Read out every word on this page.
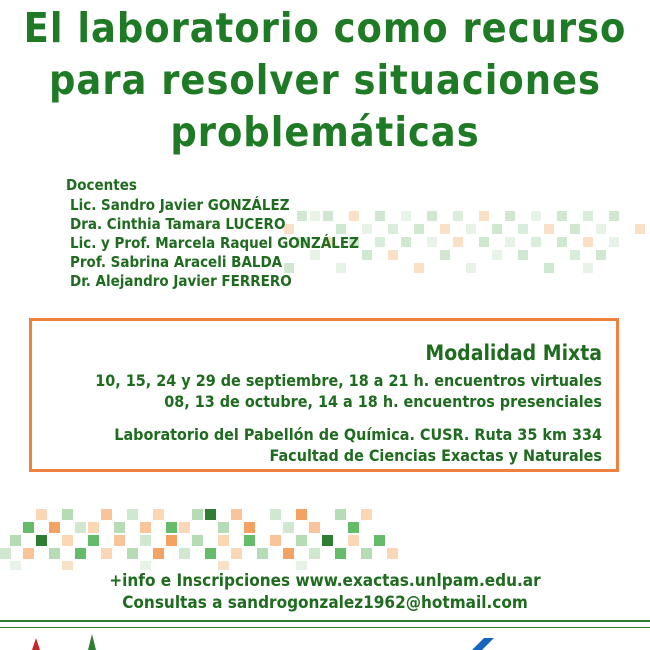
El laboratorio como recurso
para resolver situaciones
problemáticas
Docentes
Lic. Sandro Javier GONZÁLEZ
Dra. Cinthia Tamara LUCERO
Lic. y Prof. Marcela Raquel GONZÁLEZ
Prof. Sabrina Araceli BALDA
Dr. Alejandro Javier FERRERO
Modalidad Mixta
10, 15, 24 y 29 de septiembre, 18 a 21 h. encuentros virtuales
08, 13 de octubre, 14 a 18 h. encuentros presenciales
Laboratorio del Pabellón de Química. CUSR. Ruta 35 km 334
Facultad de Ciencias Exactas y Naturales
+info e Inscripciones www.exactas.unlpam.edu.ar
Consultas a sandrogonzalez1962@hotmail.com
